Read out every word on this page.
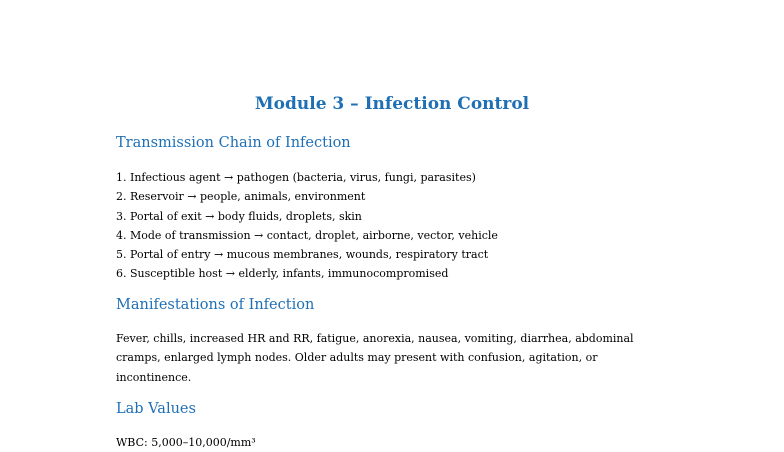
Module 3 – Infection Control
Transmission Chain of Infection
1. Infectious agent → pathogen (bacteria, virus, fungi, parasites)
2. Reservoir → people, animals, environment
3. Portal of exit → body fluids, droplets, skin
4. Mode of transmission → contact, droplet, airborne, vector, vehicle
5. Portal of entry → mucous membranes, wounds, respiratory tract
6. Susceptible host → elderly, infants, immunocompromised
Manifestations of Infection

Fever, chills, increased HR and RR, fatigue, anorexia, nausea, vomiting, diarrhea, abdominal
cramps, enlarged lymph nodes. Older adults may present with confusion, agitation, or
incontinence.

Lab Values
WBC: 5,000–10,000/mm³
